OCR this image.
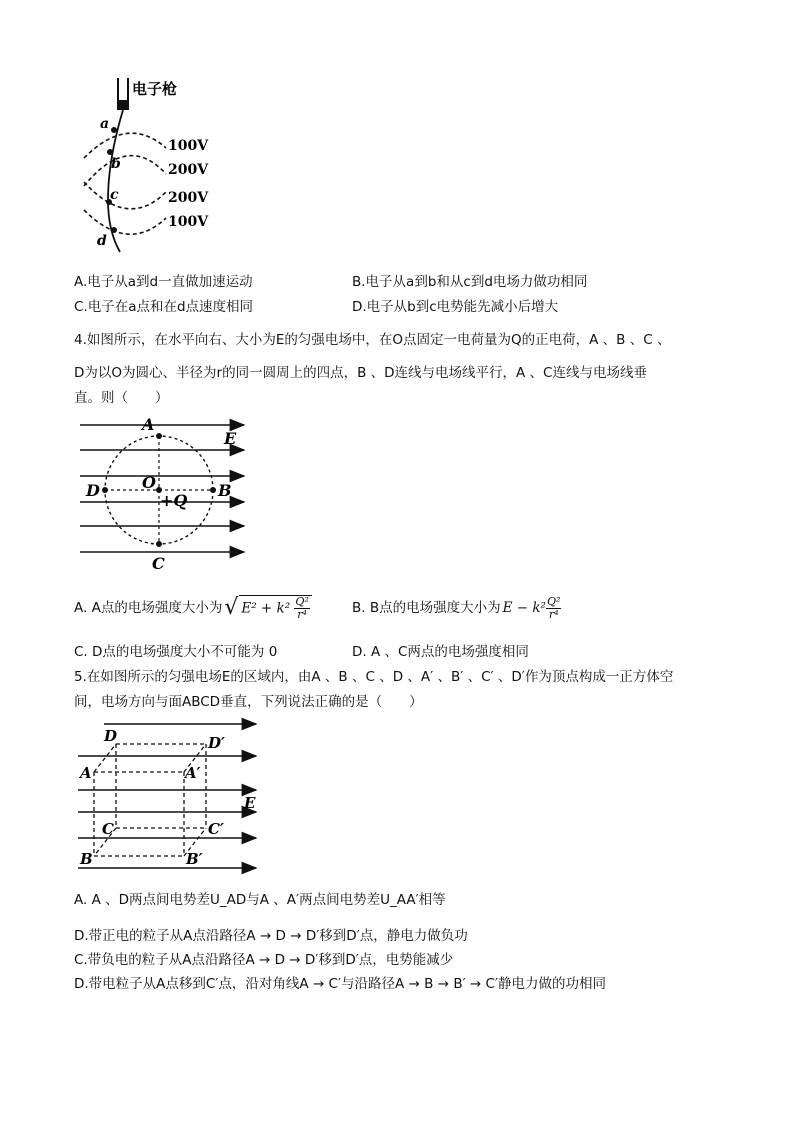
电子枪
a
b
c
d
100V
200V
200V
100V
A.电子从a到d一直做加速运动	B.电子从a到b和从c到d电场力做功相同
C.电子在a点和在d点速度相同	D.电子从b到c电势能先减小后增大
4.如图所示，在水平向右、大小为E的匀强电场中，在O点固定一电荷量为Q的正电荷，A 、B 、C 、
D为以O为圆心、半径为r的同一圆周上的四点，B 、D连线与电场线平行，A 、C连线与电场线垂
直。则（　　）
A
E
D	O
+Q
B
C
A. A点的电场强度大小为 √ $E^2 + k^2 \frac{\text{Q²}}{\text{r⁴}}$	B. B点的电场强度大小为 $E - k^2 \frac{\text{Q²}}{\text{r⁴}}$
C. D点的电场强度大小不可能为 0	D. A 、C两点的电场强度相同
5.在如图所示的匀强电场E的区域内，由A 、B 、C 、D 、A′ 、B′ 、C′ 、D′作为顶点构成一正方体空
间，电场方向与面ABCD垂直，下列说法正确的是（　　）
D	D′
A	A′
E
C	C′
B	B′
A. A 、D两点间电势差U_AD与A 、A′两点间电势差U_AA′相等
D.带正电的粒子从A点沿路径A → D → D′移到D′点，静电力做负功
C.带负电的粒子从A点沿路径A → D → D′移到D′点，电势能减少
D.带电粒子从A点移到C′点，沿对角线A → C′与沿路径A → B → B′ → C′静电力做的功相同
